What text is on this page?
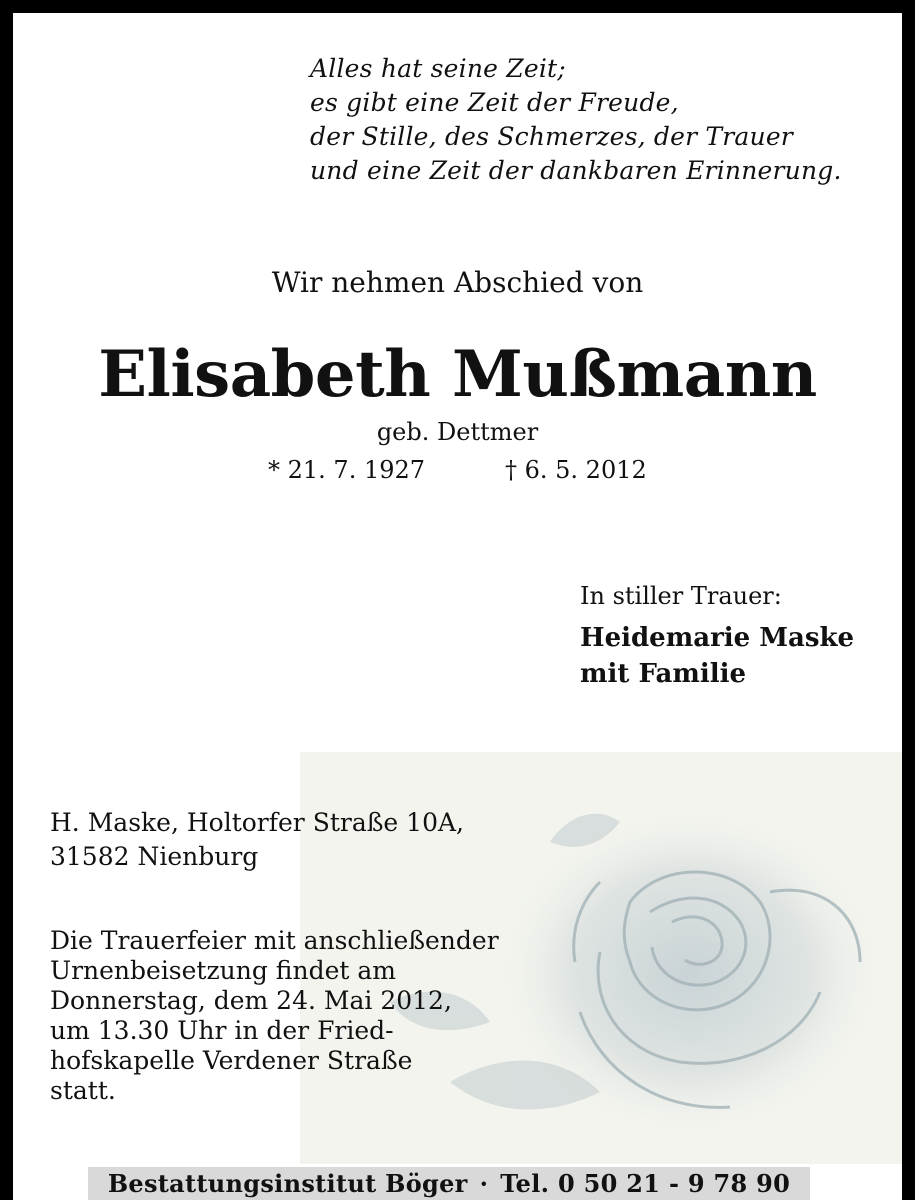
Alles hat seine Zeit;
es gibt eine Zeit der Freude,
der Stille, des Schmerzes, der Trauer
und eine Zeit der dankbaren Erinnerung.
Wir nehmen Abschied von
Elisabeth Mußmann
geb. Dettmer
* 21. 7. 1927	† 6. 5. 2012
In stiller Trauer:
Heidemarie Maske
mit Familie
H. Maske, Holtorfer Straße 10A,
31582 Nienburg
Die Trauerfeier mit anschließender
Urnenbeisetzung findet am
Donnerstag, dem 24. Mai 2012,
um 13.30 Uhr in der Fried-
hofskapelle Verdener Straße
statt.
Bestattungsinstitut Böger · Tel. 0 50 21 - 9 78 90
